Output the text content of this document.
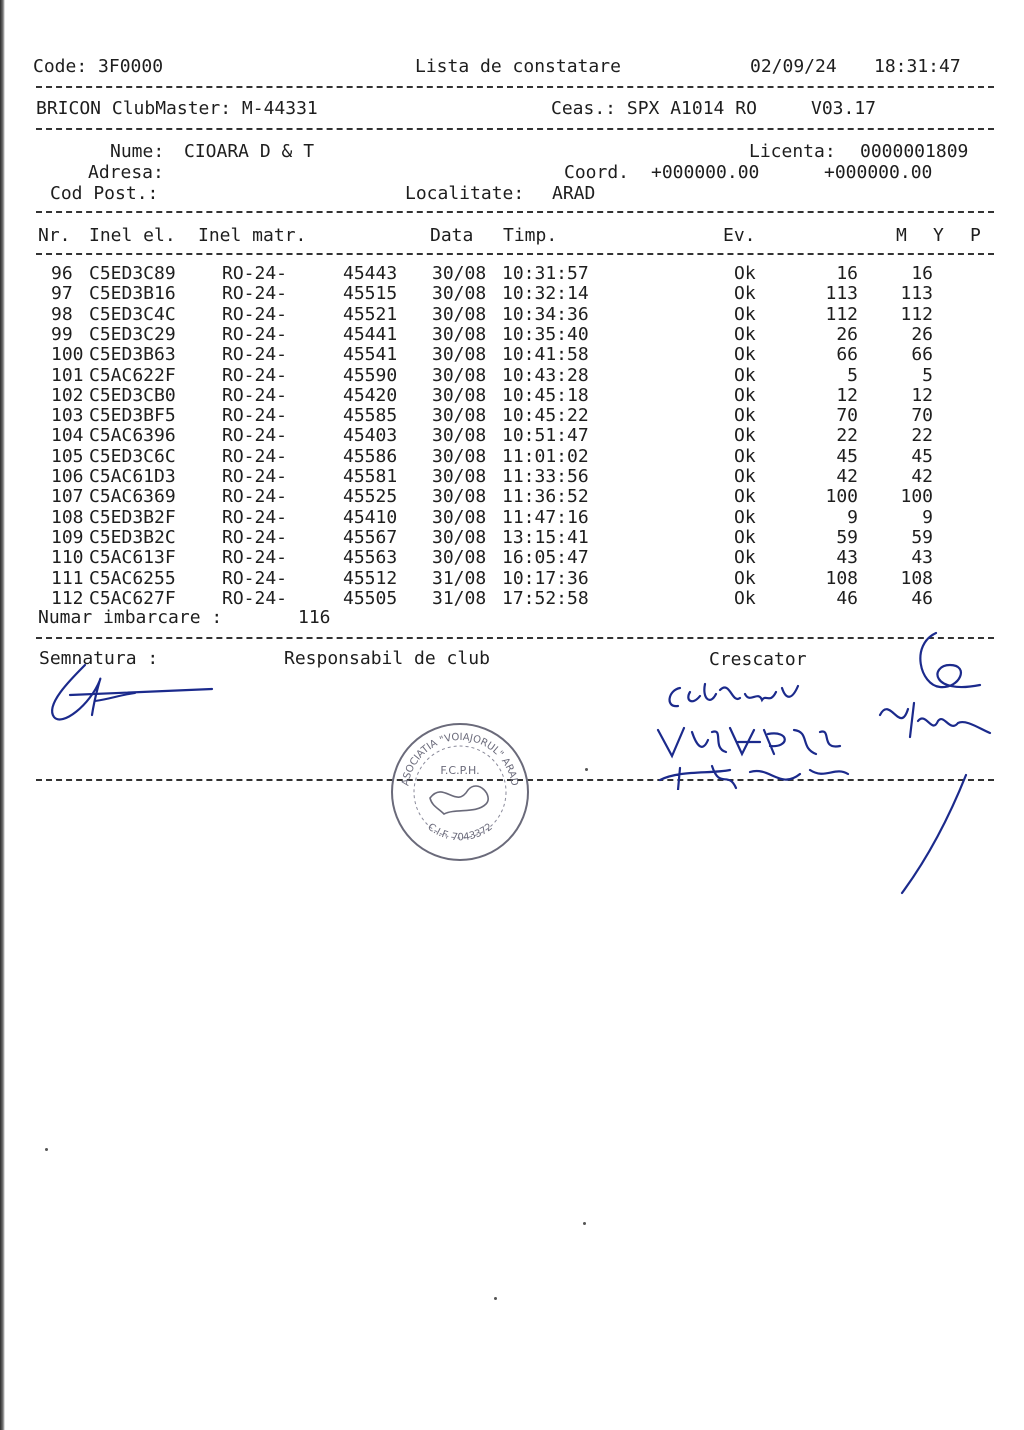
Code: 3F0000	Lista de constatare	02/09/24 18:31:47
BRICON ClubMaster: M-44331	Ceas.: SPX A1014 RO	V03.17
Nume: CIOARA D & T	Licenta: 0000001809
Adresa:	Coord. +000000.00	+000000.00
Cod Post.:	Localitate: ARAD
Nr. Inel el. Inel matr.	Data Timp.	Ev.	M Y P
96 C5ED3C89	RO-24-	45443 30/08 10:31:57	Ok	16	16
97 C5ED3B16	RO-24-	45515 30/08 10:32:14	Ok	113	113
98 C5ED3C4C	RO-24-	45521 30/08 10:34:36	Ok	112	112
99 C5ED3C29	RO-24-	45441 30/08 10:35:40	Ok	26	26
100 C5ED3B63	RO-24-	45541 30/08 10:41:58	Ok	66	66
101 C5AC622F	RO-24-	45590 30/08 10:43:28	Ok	5	5
102 C5ED3CB0	RO-24-	45420 30/08 10:45:18	Ok	12	12
103 C5ED3BF5	RO-24-	45585 30/08 10:45:22	Ok	70	70
104 C5AC6396	RO-24-	45403 30/08 10:51:47	Ok	22	22
105 C5ED3C6C	RO-24-	45586 30/08 11:01:02	Ok	45	45
106 C5AC61D3	RO-24-	45581 30/08 11:33:56	Ok	42	42
107 C5AC6369	RO-24-	45525 30/08 11:36:52	Ok	100	100
108 C5ED3B2F	RO-24-	45410 30/08 11:47:16	Ok	9	9
109 C5ED3B2C	RO-24-	45567 30/08 13:15:41	Ok	59	59
110 C5AC613F	RO-24-	45563 30/08 16:05:47	Ok	43	43
111 C5AC6255	RO-24-	45512 31/08 10:17:36	Ok	108	108
112 C5AC627F	RO-24-	45505 31/08 17:52:58	Ok	46	46
Numar imbarcare :	116
Semnatura :	Responsabil de club	Crescator
ASOCIATIA "VOIAJORUL" ARAD
F.C.P.H.
C.I.F. 7043372
